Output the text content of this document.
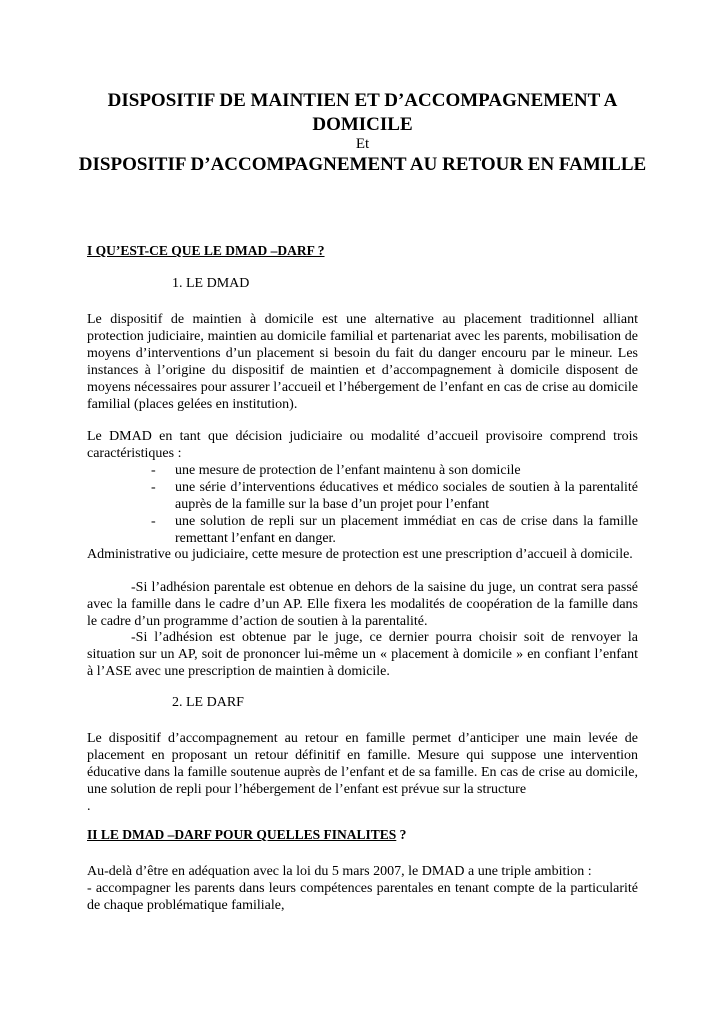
DISPOSITIF DE MAINTIEN ET D’ACCOMPAGNEMENT A DOMICILE
Et
DISPOSITIF D’ACCOMPAGNEMENT AU RETOUR EN FAMILLE
I QU’EST-CE QUE LE DMAD –DARF ?
1. LE DMAD
Le dispositif de maintien à domicile est une alternative au placement traditionnel alliant protection judiciaire, maintien au domicile familial et partenariat avec les parents, mobilisation de moyens d’interventions d’un placement si besoin du fait du danger encouru par le mineur. Les instances à l’origine du dispositif de maintien et d’accompagnement à domicile disposent de moyens nécessaires pour assurer l’accueil et l’hébergement de l’enfant en cas de crise au domicile familial (places gelées en institution).
Le DMAD en tant que décision judiciaire ou modalité d’accueil provisoire comprend trois caractéristiques :
- une mesure de protection de l’enfant maintenu à son domicile
- une série d’interventions éducatives et médico sociales de soutien à la parentalité auprès de la famille sur la base d’un projet pour l’enfant
- une solution de repli sur un placement immédiat en cas de crise dans la famille remettant l’enfant en danger.
Administrative ou judiciaire, cette mesure de protection est une prescription d’accueil à domicile.
-Si l’adhésion parentale est obtenue en dehors de la saisine du juge, un contrat sera passé avec la famille dans le cadre d’un AP. Elle fixera les modalités de coopération de la famille dans le cadre d’un programme d’action de soutien à la parentalité.
-Si l’adhésion est obtenue par le juge, ce dernier pourra choisir soit de renvoyer la situation sur un AP, soit de prononcer lui-même un « placement à domicile » en confiant l’enfant à l’ASE avec une prescription de maintien à domicile.
2. LE DARF
Le dispositif d’accompagnement au retour en famille permet d’anticiper une main levée de placement en proposant un retour définitif en famille. Mesure qui suppose une intervention éducative dans la famille soutenue auprès de l’enfant et de sa famille. En cas de crise au domicile, une solution de repli pour l’hébergement de l’enfant est prévue sur la structure
.
II LE DMAD –DARF POUR QUELLES FINALITES ?
Au-delà d’être en adéquation avec la loi du 5 mars 2007, le DMAD a une triple ambition :
- accompagner les parents dans leurs compétences parentales en tenant compte de la particularité de chaque problématique familiale,
